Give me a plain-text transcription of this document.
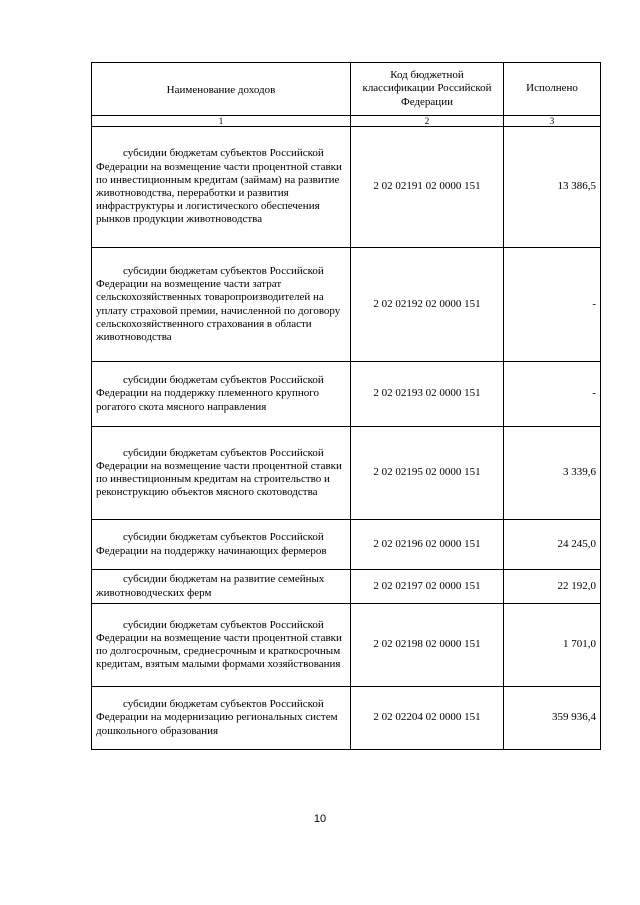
Наименование доходов	Код бюджетной классификации Российской Федерации	Исполнено
1	2	3

субсидии бюджетам субъектов Российской Федерации на возмещение части процентной ставки по инвестиционным кредитам (займам) на развитие животноводства, переработки и развития инфраструктуры и логистического обеспечения рынков продукции животноводства	2 02 02191 02 0000 151	13 386,5

субсидии бюджетам субъектов Российской Федерации на возмещение части затрат сельскохозяйственных товаропроизводителей на уплату страховой премии, начисленной по договору сельскохозяйственного страхования в области животноводства	2 02 02192 02 0000 151	-

субсидии бюджетам субъектов Российской Федерации на поддержку племенного крупного рогатого скота мясного направления	2 02 02193 02 0000 151	-

субсидии бюджетам субъектов Российской Федерации на возмещение части процентной ставки по инвестиционным кредитам на строительство и реконструкцию объектов мясного скотоводства	2 02 02195 02 0000 151	3 339,6

субсидии бюджетам субъектов Российской Федерации на поддержку начинающих фермеров	2 02 02196 02 0000 151	24 245,0

субсидии бюджетам на развитие семейных животноводческих ферм	2 02 02197 02 0000 151	22 192,0

субсидии бюджетам субъектов Российской Федерации на возмещение части процентной ставки по долгосрочным, среднесрочным и краткосрочным кредитам, взятым малыми формами хозяйствования	2 02 02198 02 0000 151	1 701,0

субсидии бюджетам субъектов Российской Федерации на модернизацию региональных систем дошкольного образования	2 02 02204 02 0000 151	359 936,4
10
